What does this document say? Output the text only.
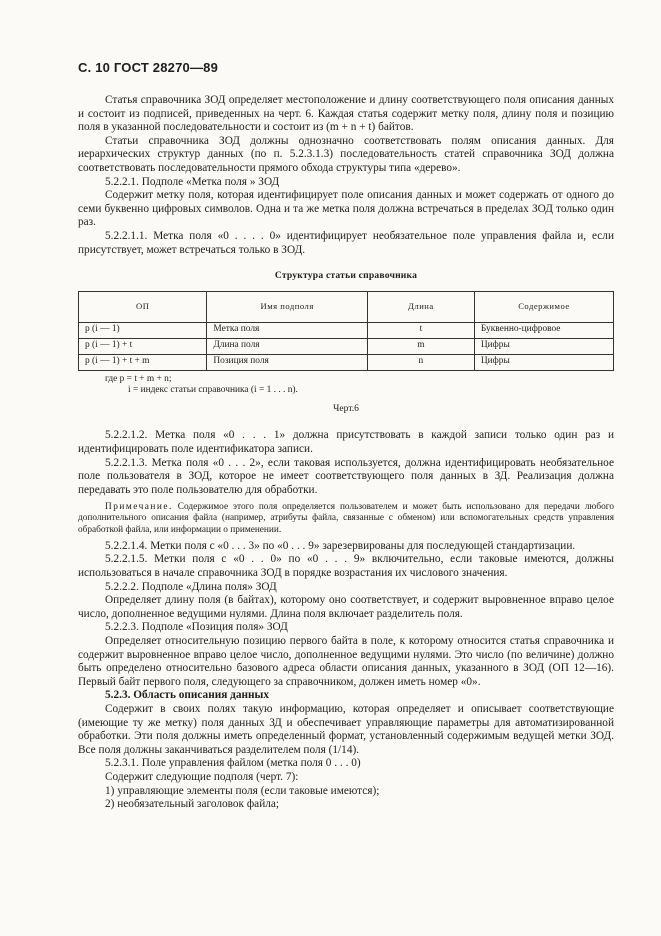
С. 10 ГОСТ 28270—89

Статья справочника ЗОД определяет местоположение и длину соответствующего поля описания данных и состоит из подписей, приведенных на черт. 6. Каждая статья содержит метку поля, длину поля и позицию поля в указанной последовательности и состоит из (m + n + t) байтов.

Статьи справочника ЗОД должны однозначно соответствовать полям описания данных. Для иерархических структур данных (по п. 5.2.3.1.3) последовательность статей справочника ЗОД должна соответствовать последовательности прямого обхода структуры типа «дерево».

5.2.2.1. Подполе «Метка поля » ЗОД

Содержит метку поля, которая идентифицирует поле описания данных и может содержать от одного до семи буквенно цифровых символов. Одна и та же метка поля должна встречаться в пределах ЗОД только один раз.

5.2.2.1.1. Метка поля «0 . . . . 0» идентифицирует необязательное поле управления файла и, если присутствует, может встречаться только в ЗОД.

Структура статьи справочника
ОП	Имя подполя	Длина	Содержимое
p (i — 1)	Метка поля	t	Буквенно-цифровое
p (i — 1) + t	Длина поля	m	Цифры
p (i — 1) + t + m	Позиция поля	n	Цифры
где p = t + m + n;
i = индекс статьи справочника (i = 1 . . . n).
Черт.6

5.2.2.1.2. Метка поля «0 . . . 1» должна присутствовать в каждой записи только один раз и идентифицировать поле идентификатора записи.

5.2.2.1.3. Метка поля «0 . . . 2», если таковая используется, должна идентифицировать необязательное поле пользователя в ЗОД, которое не имеет соответствующего поля данных в ЗД. Реализация должна передавать это поле пользователю для обработки.

Примечание. Содержимое этого поля определяется пользователем и может быть использовано для передачи любого дополнительного описания файла (например, атрибуты файла, связанные с обменом) или вспомогательных средств управления обработкой файла, или информации о применении.

5.2.2.1.4. Метки поля с «0 . . . 3» по «0 . . . 9» зарезервированы для последующей стандартизации.

5.2.2.1.5. Метки поля с «0 . . 0» по «0 . . . 9» включительно, если таковые имеются, должны использоваться в начале справочника ЗОД в порядке возрастания их числового значения.

5.2.2.2. Подполе «Длина поля» ЗОД

Определяет длину поля (в байтах), которому оно соответствует, и содержит выровненное вправо целое число, дополненное ведущими нулями. Длина поля включает разделитель поля.

5.2.2.3. Подполе «Позиция поля» ЗОД

Определяет относительную позицию первого байта в поле, к которому относится статья справочника и содержит выровненное вправо целое число, дополненное ведущими нулями. Это число (по величине) должно быть определено относительно базового адреса области описания данных, указанного в ЗОД (ОП 12—16). Первый байт первого поля, следующего за справочником, должен иметь номер «0».

5.2.3. Область описания данных

Содержит в своих полях такую информацию, которая определяет и описывает соответствующие (имеющие ту же метку) поля данных ЗД и обеспечивает управляющие параметры для автоматизированной обработки. Эти поля должны иметь определенный формат, установленный содержимым ведущей метки ЗОД. Все поля должны заканчиваться разделителем поля (1/14).

5.2.3.1. Поле управления файлом (метка поля 0 . . . 0)

Содержит следующие подполя (черт. 7):

1) управляющие элементы поля (если таковые имеются);

2) необязательный заголовок файла;
